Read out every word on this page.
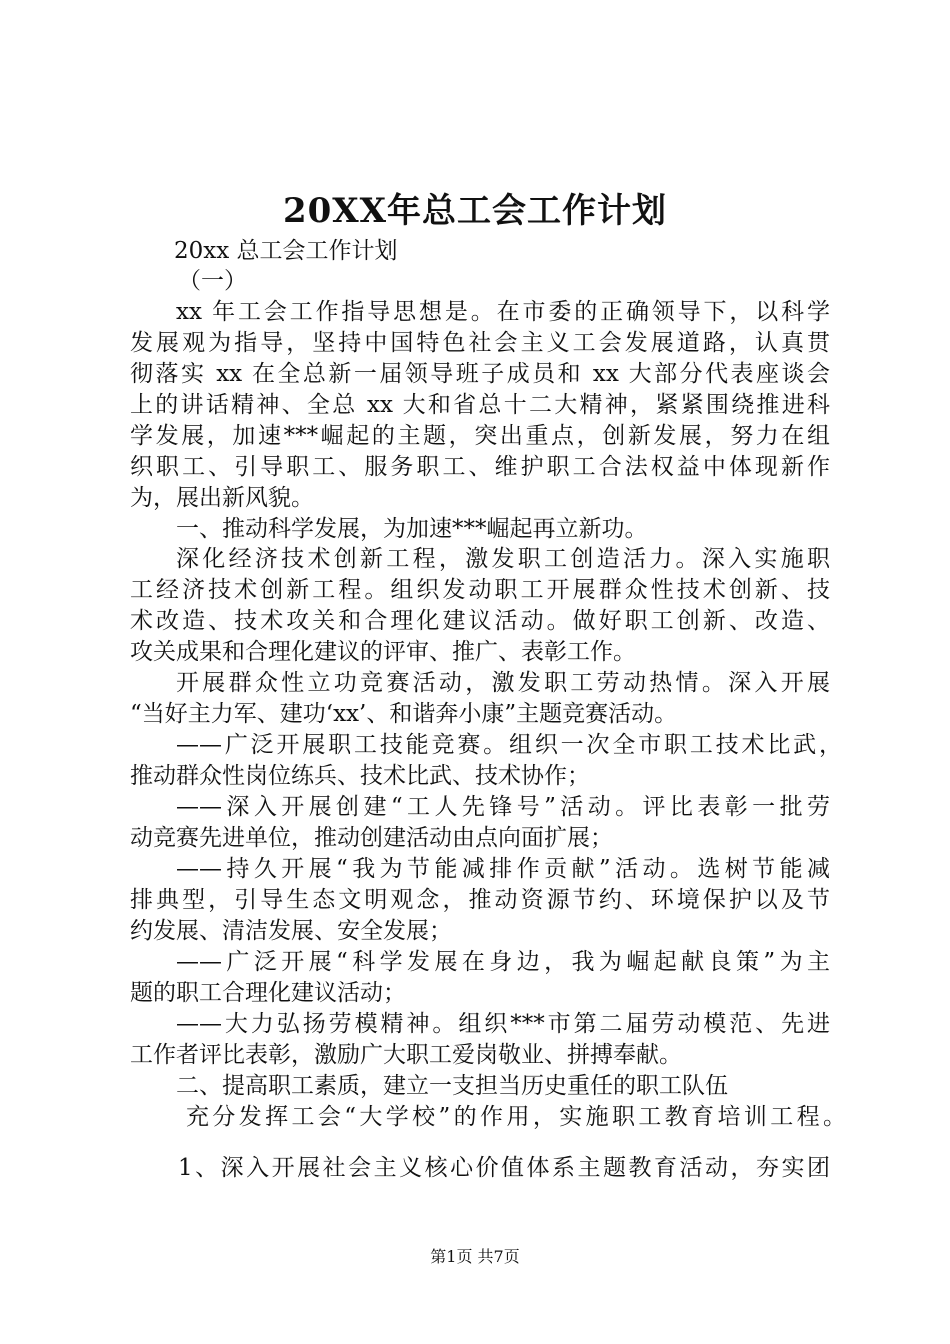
20XX年总工会工作计划
20xx 总工会工作计划
（一）
xx 年工会工作指导思想是。在市委的正确领导下，以科学
发展观为指导，坚持中国特色社会主义工会发展道路，认真贯
彻落实 xx 在全总新一届领导班子成员和 xx 大部分代表座谈会
上的讲话精神、全总 xx 大和省总十二大精神，紧紧围绕推进科
学发展，加速***崛起的主题，突出重点，创新发展，努力在组
织职工、引导职工、服务职工、维护职工合法权益中体现新作
为，展出新风貌。
一、推动科学发展，为加速***崛起再立新功。
深化经济技术创新工程，激发职工创造活力。深入实施职
工经济技术创新工程。组织发动职工开展群众性技术创新、技
术改造、技术攻关和合理化建议活动。做好职工创新、改造、
攻关成果和合理化建议的评审、推广、表彰工作。
开展群众性立功竞赛活动，激发职工劳动热情。深入开展
“当好主力军、建功‘xx’、和谐奔小康”主题竞赛活动。
——广泛开展职工技能竞赛。组织一次全市职工技术比武，
推动群众性岗位练兵、技术比武、技术协作；
——深入开展创建“工人先锋号”活动。评比表彰一批劳
动竞赛先进单位，推动创建活动由点向面扩展；
——持久开展“我为节能减排作贡献”活动。选树节能减
排典型，引导生态文明观念，推动资源节约、环境保护以及节
约发展、清洁发展、安全发展；
——广泛开展“科学发展在身边，我为崛起献良策”为主
题的职工合理化建议活动；
——大力弘扬劳模精神。组织***市第二届劳动模范、先进
工作者评比表彰，激励广大职工爱岗敬业、拼搏奉献。
二、提高职工素质，建立一支担当历史重任的职工队伍
充分发挥工会“大学校”的作用，实施职工教育培训工程。
1、深入开展社会主义核心价值体系主题教育活动，夯实团
第1页 共7页
